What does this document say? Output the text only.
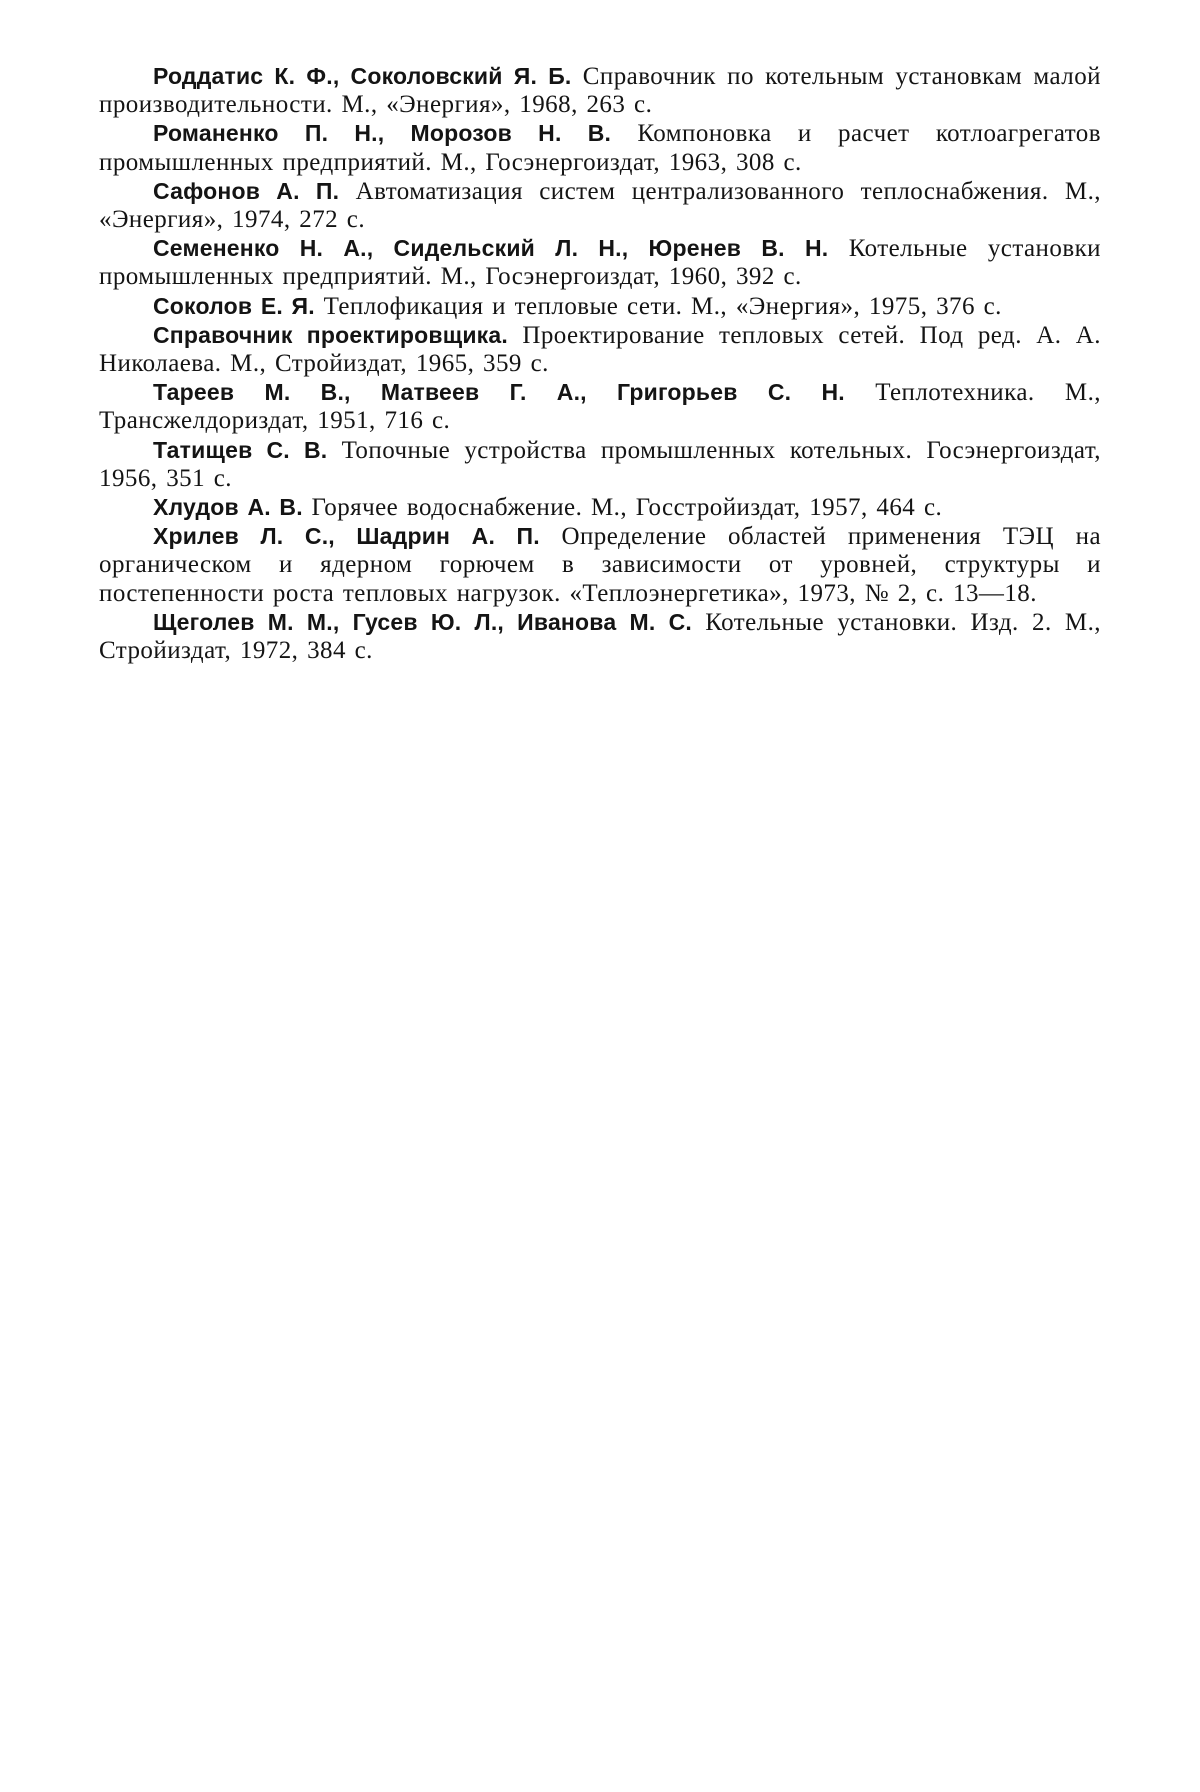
Роддатис К. Ф., Соколовский Я. Б. Справочник по котельным установкам малой производительности. М., «Энергия», 1968, 263 с.

Романенко П. Н., Морозов Н. В. Компоновка и расчет котлоагрегатов промышленных предприятий. М., Госэнергоиздат, 1963, 308 с.

Сафонов А. П. Автоматизация систем централизованного теплоснабжения. М., «Энергия», 1974, 272 с.

Семененко Н. А., Сидельский Л. Н., Юренев В. Н. Котельные установки промышленных предприятий. М., Госэнергоиздат, 1960, 392 с.

Соколов Е. Я. Теплофикация и тепловые сети. М., «Энергия», 1975, 376 с.

Справочник проектировщика. Проектирование тепловых сетей. Под ред. А. А. Николаева. М., Стройиздат, 1965, 359 с.

Тареев М. В., Матвеев Г. А., Григорьев С. Н. Теплотехника. М., Трансжелдориздат, 1951, 716 с.

Татищев С. В. Топочные устройства промышленных котельных. Госэнергоиздат, 1956, 351 с.

Хлудов А. В. Горячее водоснабжение. М., Госстройиздат, 1957, 464 с.

Хрилев Л. С., Шадрин А. П. Определение областей применения ТЭЦ на органическом и ядерном горючем в зависимости от уровней, структуры и постепенности роста тепловых нагрузок. «Теплоэнергетика», 1973, № 2, с. 13—18.

Щеголев М. М., Гусев Ю. Л., Иванова М. С. Котельные установки. Изд. 2. М., Стройиздат, 1972, 384 с.
